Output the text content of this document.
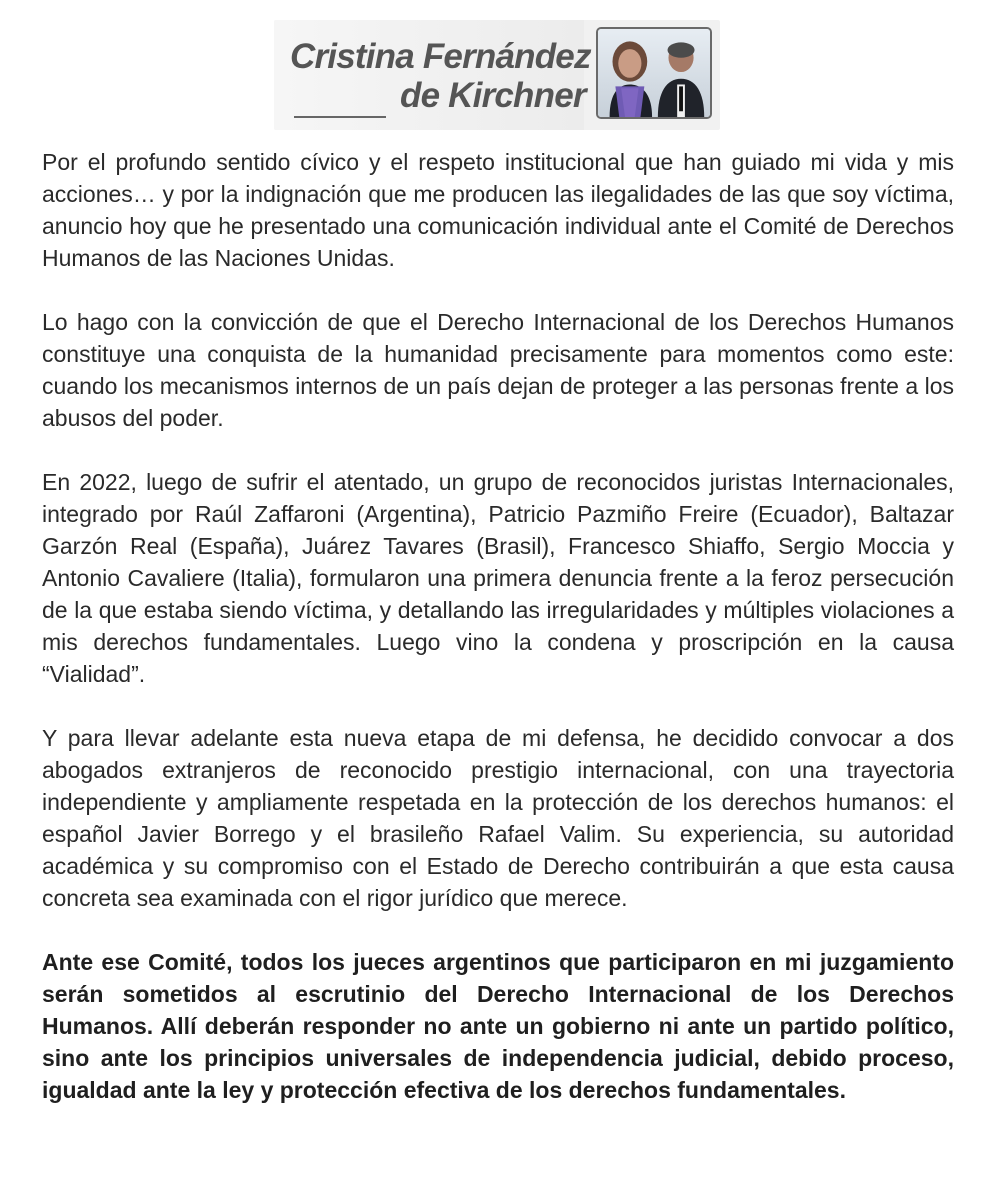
Cristina Fernández
de Kirchner

Por el profundo sentido cívico y el respeto institucional que han guiado mi vida y mis acciones… y por la indignación que me producen las ilegalidades de las que soy víctima, anuncio hoy que he presentado una comunicación individual ante el Comité de Derechos Humanos de las Naciones Unidas.

Lo hago con la convicción de que el Derecho Internacional de los Derechos Humanos constituye una conquista de la humanidad precisamente para momentos como este: cuando los mecanismos internos de un país dejan de proteger a las personas frente a los abusos del poder.

En 2022, luego de sufrir el atentado, un grupo de reconocidos juristas Internacionales, integrado por Raúl Zaffaroni (Argentina), Patricio Pazmiño Freire (Ecuador), Baltazar Garzón Real (España), Juárez Tavares (Brasil), Francesco Shiaffo, Sergio Moccia y Antonio Cavaliere (Italia), formularon una primera denuncia frente a la feroz persecución de la que estaba siendo víctima, y detallando las irregularidades y múltiples violaciones a mis derechos fundamentales. Luego vino la condena y proscripción en la causa “Vialidad”.

Y para llevar adelante esta nueva etapa de mi defensa, he decidido convocar a dos abogados extranjeros de reconocido prestigio internacional, con una trayectoria independiente y ampliamente respetada en la protección de los derechos humanos: el español Javier Borrego y el brasileño Rafael Valim. Su experiencia, su autoridad académica y su compromiso con el Estado de Derecho contribuirán a que esta causa concreta sea examinada con el rigor jurídico que merece.

Ante ese Comité, todos los jueces argentinos que participaron en mi juzgamiento serán sometidos al escrutinio del Derecho Internacional de los Derechos Humanos. Allí deberán responder no ante un gobierno ni ante un partido político, sino ante los principios universales de independencia judicial, debido proceso, igualdad ante la ley y protección efectiva de los derechos fundamentales.
